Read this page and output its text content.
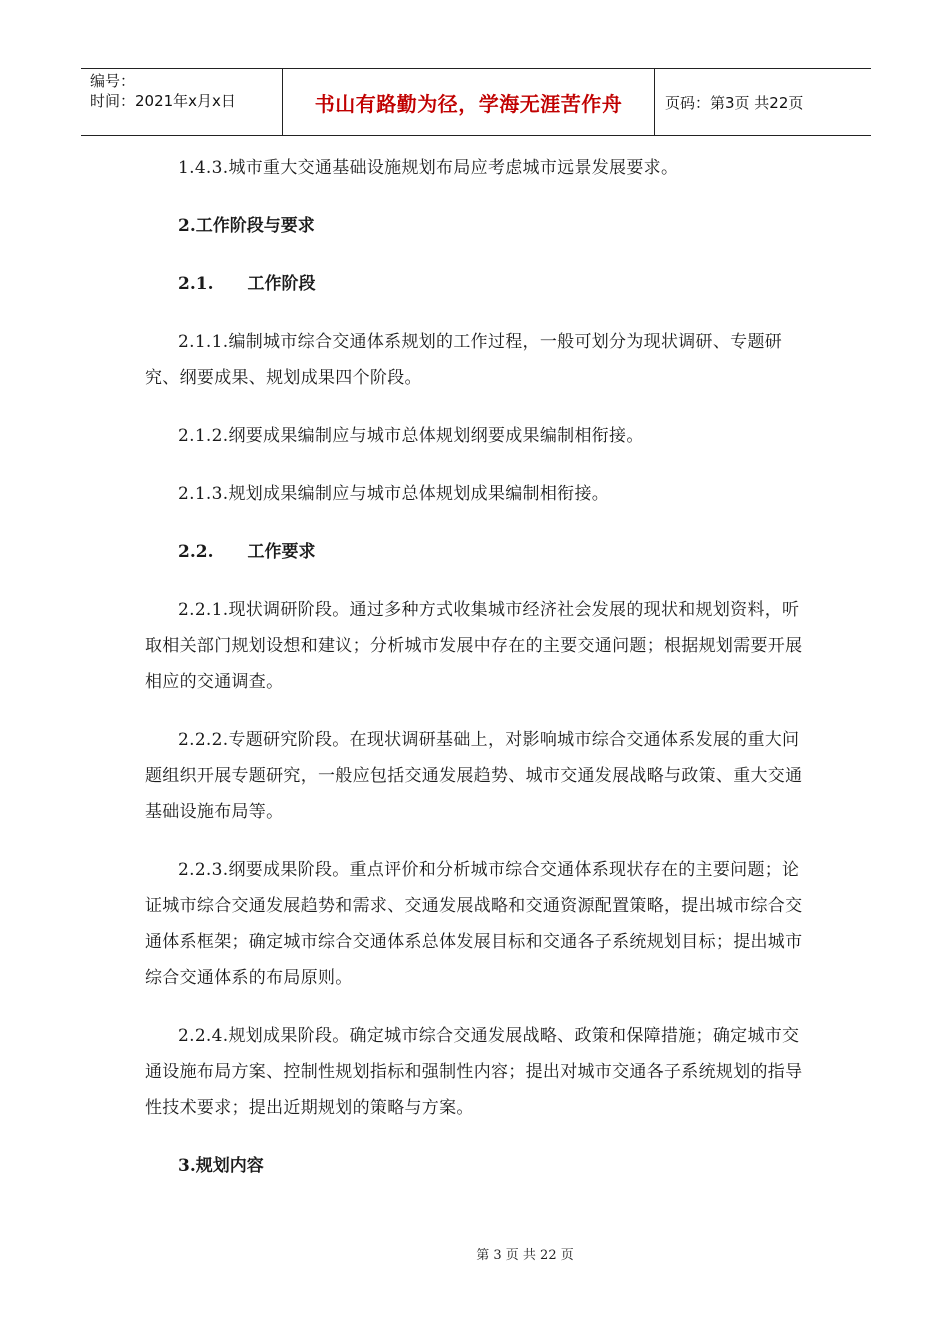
编号：
时间：2021年x月x日	书山有路勤为径，学海无涯苦作舟	页码：第3页 共22页

1.4.3.城市重大交通基础设施规划布局应考虑城市远景发展要求。

2.工作阶段与要求

2.1. 工作阶段

2.1.1.编制城市综合交通体系规划的工作过程，一般可划分为现状调研、专题研究、纲要成果、规划成果四个阶段。

2.1.2.纲要成果编制应与城市总体规划纲要成果编制相衔接。

2.1.3.规划成果编制应与城市总体规划成果编制相衔接。

2.2. 工作要求

2.2.1.现状调研阶段。通过多种方式收集城市经济社会发展的现状和规划资料，听取相关部门规划设想和建议；分析城市发展中存在的主要交通问题；根据规划需要开展相应的交通调查。

2.2.2.专题研究阶段。在现状调研基础上，对影响城市综合交通体系发展的重大问题组织开展专题研究，一般应包括交通发展趋势、城市交通发展战略与政策、重大交通基础设施布局等。

2.2.3.纲要成果阶段。重点评价和分析城市综合交通体系现状存在的主要问题；论证城市综合交通发展趋势和需求、交通发展战略和交通资源配置策略，提出城市综合交通体系框架；确定城市综合交通体系总体发展目标和交通各子系统规划目标；提出城市综合交通体系的布局原则。

2.2.4.规划成果阶段。确定城市综合交通发展战略、政策和保障措施；确定城市交通设施布局方案、控制性规划指标和强制性内容；提出对城市交通各子系统规划的指导性技术要求；提出近期规划的策略与方案。

3.规划内容

第 3 页 共 22 页
